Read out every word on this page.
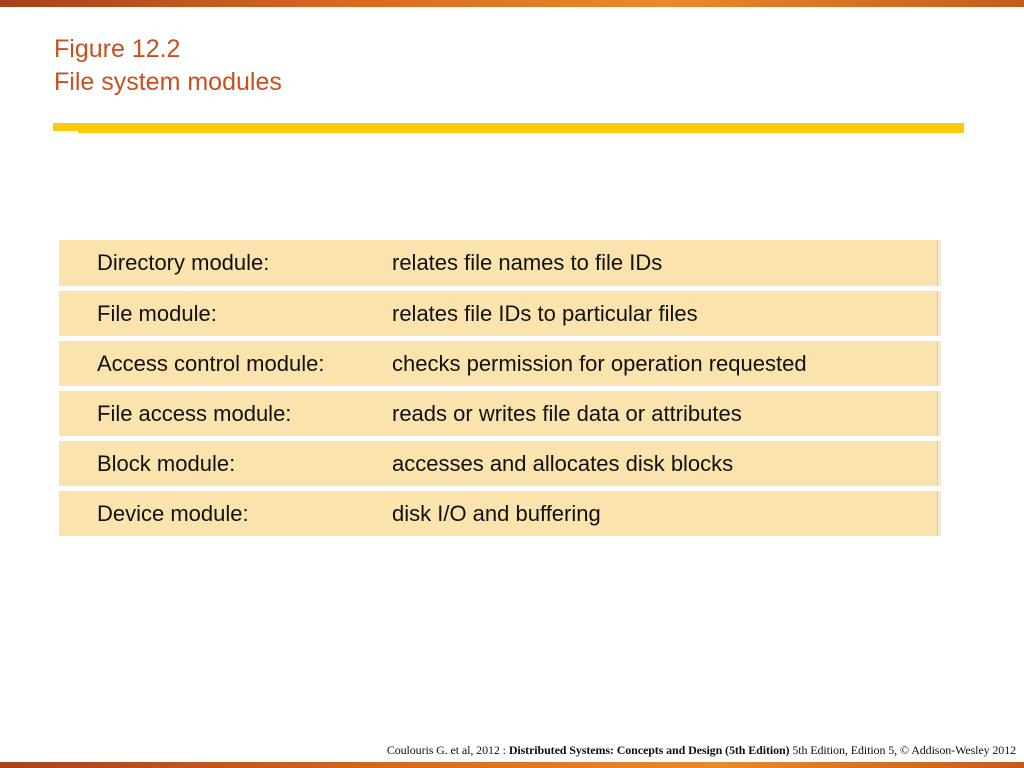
Figure 12.2
File system modules
Directory module:	relates file names to file IDs
File module:	relates file IDs to particular files
Access control module:	checks permission for operation requested
File access module:	reads or writes file data or attributes
Block module:	accesses and allocates disk blocks
Device module:	disk I/O and buffering
Coulouris G. et al, 2012 : Distributed Systems: Concepts and Design (5th Edition) 5th Edition, Edition 5, © Addison-Wesley 2012
